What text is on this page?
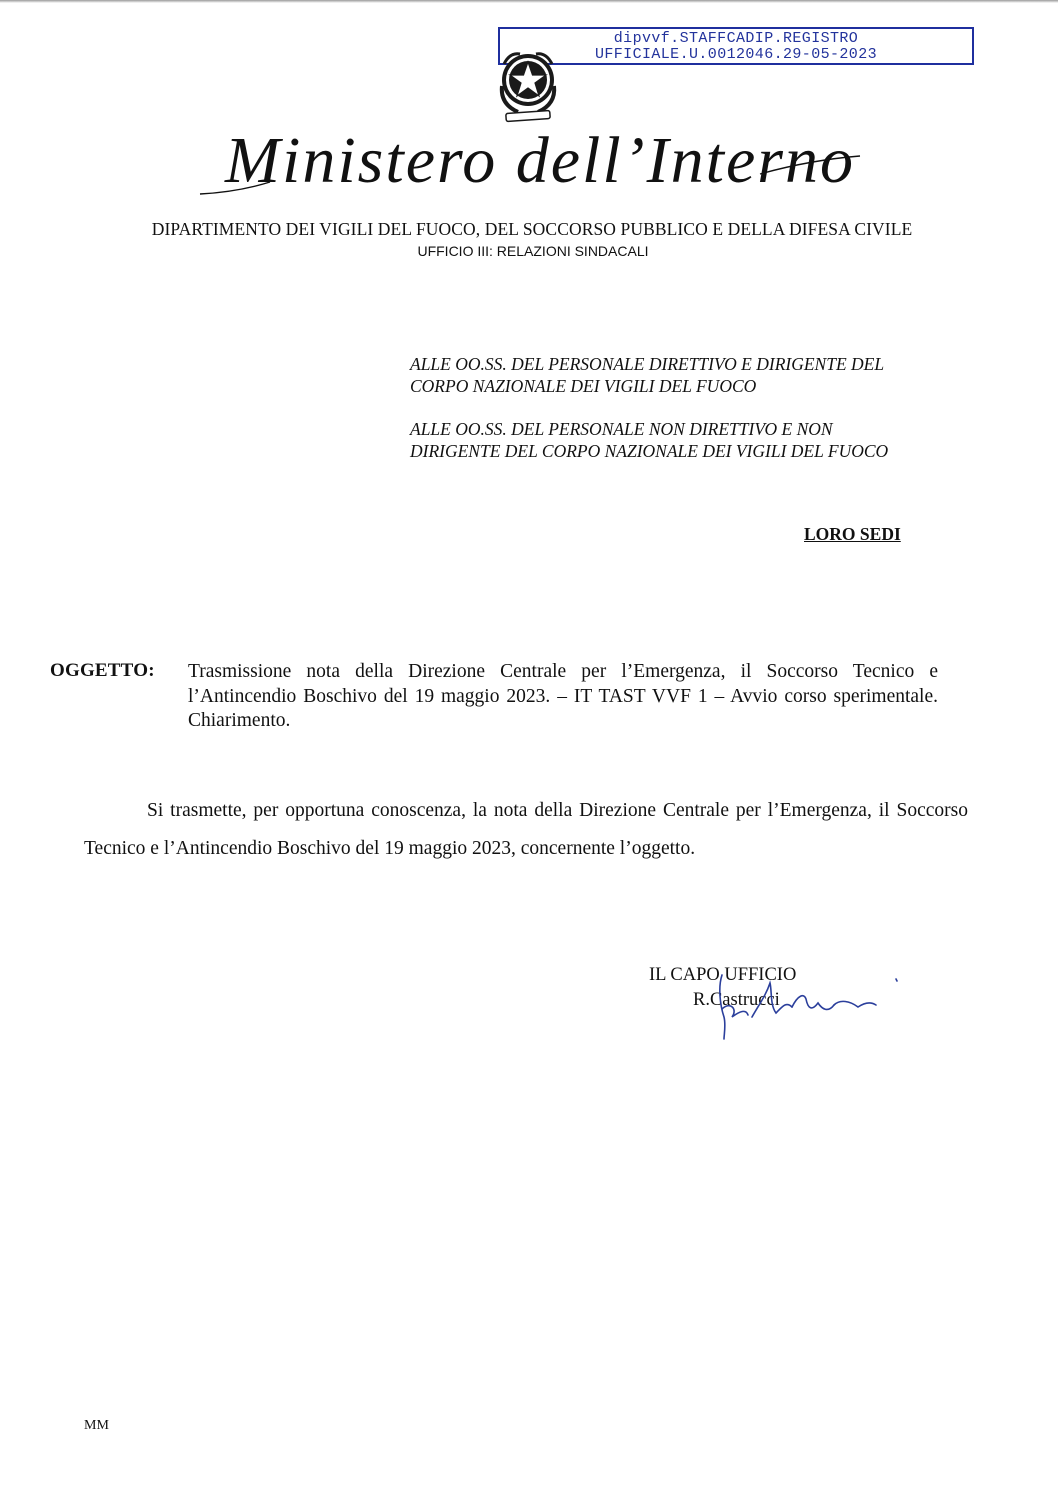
dipvvf.STAFFCADIP.REGISTRO
UFFICIALE.U.0012046.29-05-2023
Ministero dell’Interno
DIPARTIMENTO DEI VIGILI DEL FUOCO, DEL SOCCORSO PUBBLICO E DELLA DIFESA CIVILE
UFFICIO III: RELAZIONI SINDACALI
ALLE OO.SS. DEL PERSONALE DIRETTIVO E DIRIGENTE DEL
CORPO NAZIONALE DEI VIGILI DEL FUOCO
ALLE OO.SS. DEL PERSONALE NON DIRETTIVO E NON
DIRIGENTE DEL CORPO NAZIONALE DEI VIGILI DEL FUOCO
LORO SEDI
OGGETTO: Trasmissione nota della Direzione Centrale per l’Emergenza, il Soccorso Tecnico e l’Antincendio Boschivo del 19 maggio 2023. – IT TAST VVF 1 – Avvio corso sperimentale. Chiarimento.
Si trasmette, per opportuna conoscenza, la nota della Direzione Centrale per l’Emergenza, il Soccorso Tecnico e l’Antincendio Boschivo del 19 maggio 2023, concernente l’oggetto.
IL CAPO UFFICIO
R.Castrucci
MM
